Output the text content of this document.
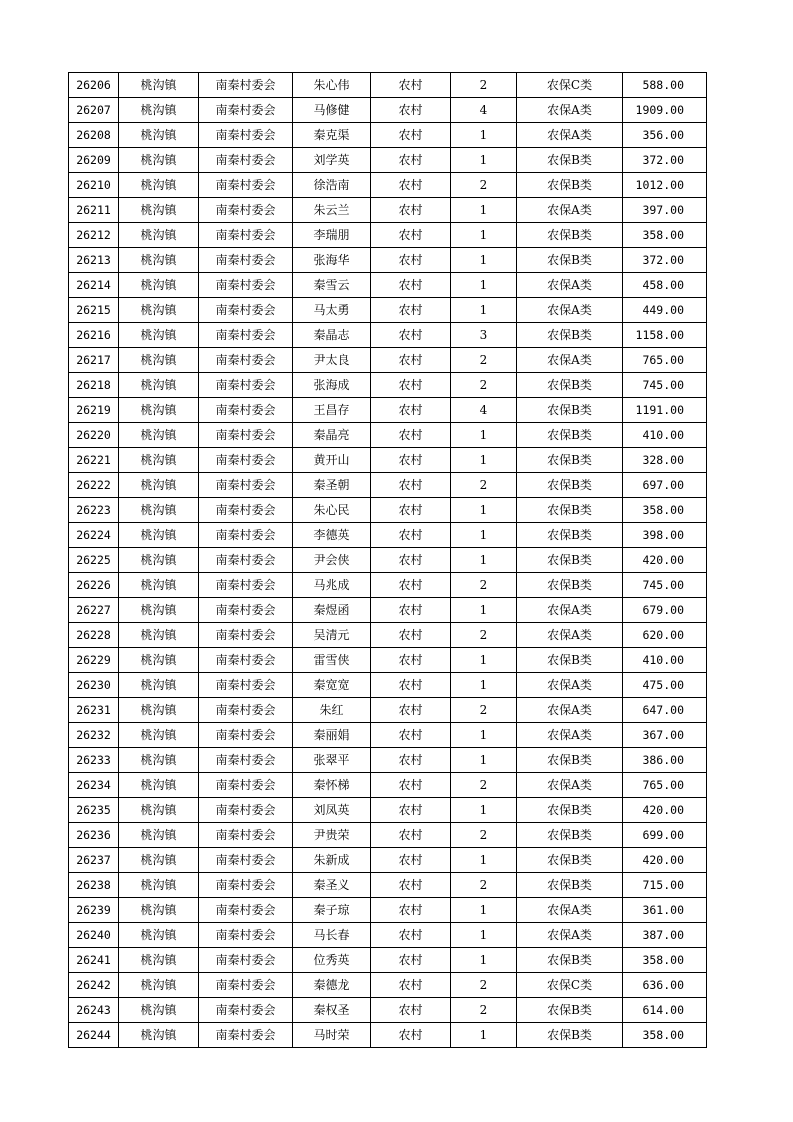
26206	桃沟镇	南秦村委会	朱心伟	农村	2	农保C类	588.00
26207	桃沟镇	南秦村委会	马修健	农村	4	农保A类	1909.00
26208	桃沟镇	南秦村委会	秦克渠	农村	1	农保A类	356.00
26209	桃沟镇	南秦村委会	刘学英	农村	1	农保B类	372.00
26210	桃沟镇	南秦村委会	徐浩南	农村	2	农保B类	1012.00
26211	桃沟镇	南秦村委会	朱云兰	农村	1	农保A类	397.00
26212	桃沟镇	南秦村委会	李瑞朋	农村	1	农保B类	358.00
26213	桃沟镇	南秦村委会	张海华	农村	1	农保B类	372.00
26214	桃沟镇	南秦村委会	秦雪云	农村	1	农保A类	458.00
26215	桃沟镇	南秦村委会	马太勇	农村	1	农保A类	449.00
26216	桃沟镇	南秦村委会	秦晶志	农村	3	农保B类	1158.00
26217	桃沟镇	南秦村委会	尹太良	农村	2	农保A类	765.00
26218	桃沟镇	南秦村委会	张海成	农村	2	农保B类	745.00
26219	桃沟镇	南秦村委会	王昌存	农村	4	农保B类	1191.00
26220	桃沟镇	南秦村委会	秦晶亮	农村	1	农保B类	410.00
26221	桃沟镇	南秦村委会	黄开山	农村	1	农保B类	328.00
26222	桃沟镇	南秦村委会	秦圣朝	农村	2	农保B类	697.00
26223	桃沟镇	南秦村委会	朱心民	农村	1	农保B类	358.00
26224	桃沟镇	南秦村委会	李德英	农村	1	农保B类	398.00
26225	桃沟镇	南秦村委会	尹会侠	农村	1	农保B类	420.00
26226	桃沟镇	南秦村委会	马兆成	农村	2	农保B类	745.00
26227	桃沟镇	南秦村委会	秦煜函	农村	1	农保A类	679.00
26228	桃沟镇	南秦村委会	吴清元	农村	2	农保A类	620.00
26229	桃沟镇	南秦村委会	雷雪侠	农村	1	农保B类	410.00
26230	桃沟镇	南秦村委会	秦宽宽	农村	1	农保A类	475.00
26231	桃沟镇	南秦村委会	朱红	农村	2	农保A类	647.00
26232	桃沟镇	南秦村委会	秦丽娟	农村	1	农保A类	367.00
26233	桃沟镇	南秦村委会	张翠平	农村	1	农保B类	386.00
26234	桃沟镇	南秦村委会	秦怀梯	农村	2	农保A类	765.00
26235	桃沟镇	南秦村委会	刘凤英	农村	1	农保B类	420.00
26236	桃沟镇	南秦村委会	尹贵荣	农村	2	农保B类	699.00
26237	桃沟镇	南秦村委会	朱新成	农村	1	农保B类	420.00
26238	桃沟镇	南秦村委会	秦圣义	农村	2	农保B类	715.00
26239	桃沟镇	南秦村委会	秦子琼	农村	1	农保A类	361.00
26240	桃沟镇	南秦村委会	马长春	农村	1	农保A类	387.00
26241	桃沟镇	南秦村委会	位秀英	农村	1	农保B类	358.00
26242	桃沟镇	南秦村委会	秦德龙	农村	2	农保C类	636.00
26243	桃沟镇	南秦村委会	秦权圣	农村	2	农保B类	614.00
26244	桃沟镇	南秦村委会	马时荣	农村	1	农保B类	358.00
